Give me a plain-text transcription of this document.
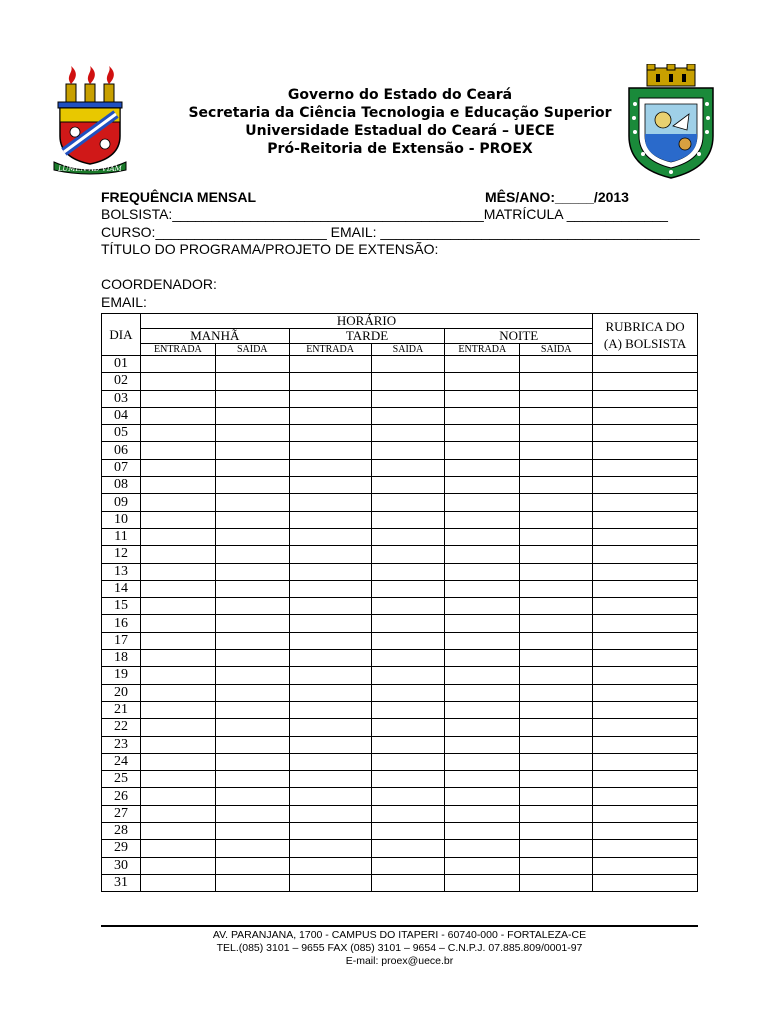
LUMEN AD VIAM
Governo do Estado do Ceará
Secretaria da Ciência Tecnologia e Educação Superior
Universidade Estadual do Ceará – UECE
Pró-Reitoria de Extensão - PROEX
FREQUÊNCIA MENSAL	MÊS/ANO:_____/2013
BOLSISTA:________________________________________MATRÍCULA _____________
CURSO:______________________ EMAIL: _________________________________________
TÍTULO DO PROGRAMA/PROJETO DE EXTENSÃO:
COORDENADOR:
EMAIL:
DIA	HORÁRIO						RUBRICA DO
(A) BOLSISTA

	MANHÃ		TARDE		NOITE		
	ENTRADA	SAÍDA	ENTRADA	SAÍDA	ENTRADA	SAÍDA	
01							
02							
03							
04							
05							
06							
07							
08							
09							
10							
11							
12							
13							
14							
15							
16							
17							
18							
19							
20							
21							
22							
23							
24							
25							
26							
27							
28							
29							
30							
31							
AV. PARANJANA, 1700 - CAMPUS DO ITAPERI - 60740-000 - FORTALEZA-CE
TEL.(085) 3101 – 9655 FAX (085) 3101 – 9654 – C.N.P.J. 07.885.809/0001-97
E-mail: proex@uece.br
